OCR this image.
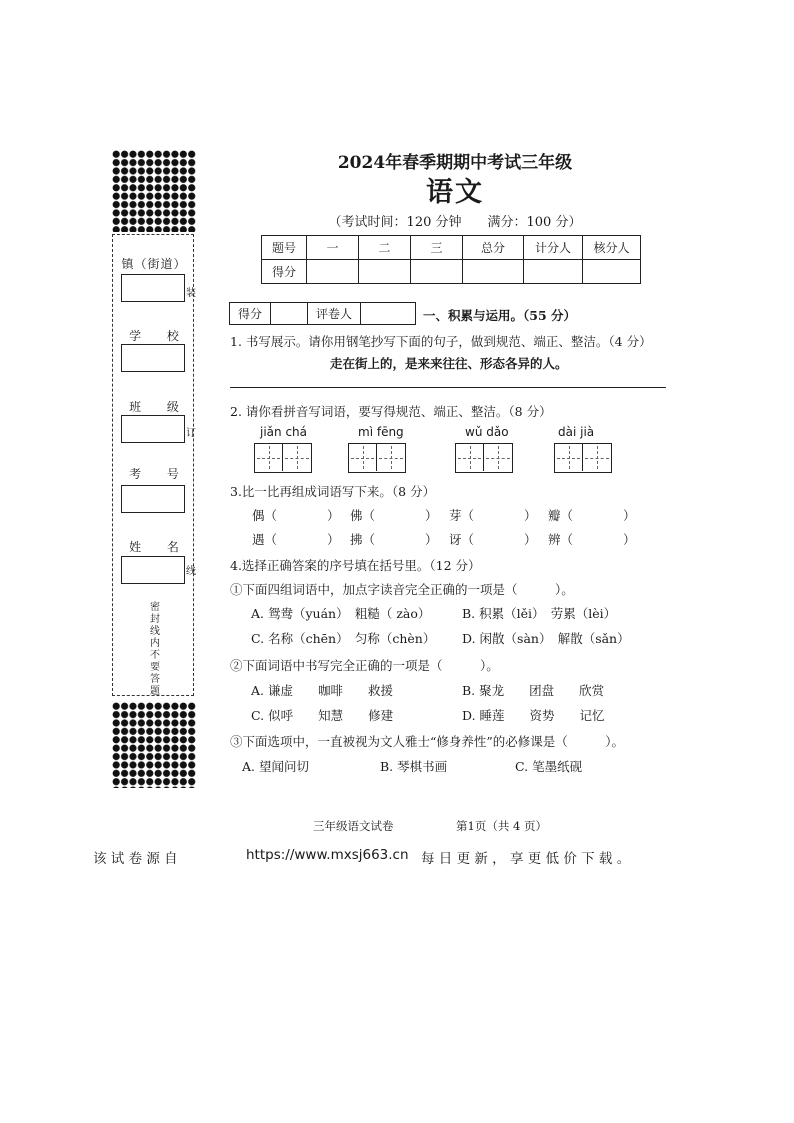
镇（街道）
学 校
班 级
考 号
姓 名
装
订
线
密封线内不要答题
2024年春季期期中考试三年级
语文
（考试时间：120 分钟　　满分：100 分）
题号	一	二	三	总分	计分人	核分人
得分						
得分		评卷人		一、积累与运用。（55 分）
1. 书写展示。请你用钢笔抄写下面的句子，做到规范、端正、整洁。（4 分）
走在街上的，是来来往往、形态各异的人。
2. 请你看拼音写词语，要写得规范、端正、整洁。（8 分）
jiǎn chá	mì fēng	wǔ dǎo	dài jià
3.比一比再组成词语写下来。（8 分）
偶（　　　　） 佛（　　　　） 芽（　　　　） 瓣（　　　　）
遇（　　　　） 拂（　　　　） 讶（　　　　） 辨（　　　　）
4.选择正确答案的序号填在括号里。（12 分）
①下面四组词语中，加点字读音完全正确的一项是（　　　）。
A. 鸳鸯（yuán）　粗糙（ zào）	B. 积累（lěi）　劳累（lèi）
C. 名称（chēn）　匀称（chèn） D. 闲散（sàn）　解散（sǎn）
②下面词语中书写完全正确的一项是（　　　）。
A. 谦虚　　咖啡　　救援	B. 聚龙　　团盘　　欣赏
C. 似呼　　知慧　　修建	D. 睡莲　　资势　　记忆
③下面选项中，一直被视为文人雅士“修身养性”的必修课是（　　　）。
A. 望闻问切	B. 琴棋书画	C. 笔墨纸砚
三年级语文试卷	第1页（共 4 页）
该 试 卷 源 自	https://www.mxsj663.cn 每 日 更 新 ， 享 更 低 价 下 载 。
